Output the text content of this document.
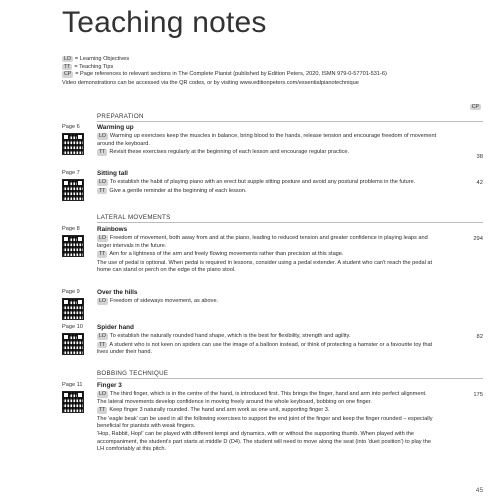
Teaching notes
LO = Learning Objectives
TT = Teaching Tips
CP = Page references to relevant sections in The Complete Pianist (published by Edition Peters, 2020, ISMN 979-0-57701-531-6)
Video demonstrations can be accessed via the QR codes, or by visiting www.editionpeters.com/essentialpianotechnique
CP
PREPARATION
Page 6	Warming up

LO Warming up exercises keep the muscles in balance, bring blood to the hands, release tension and encourage freedom of movement around the keyboard.

TT Revisit these exercises regularly at the beginning of each lesson and encourage regular practice.

38
Page 7	Sitting tall

LO To establish the habit of playing piano with an erect but supple sitting posture and avoid any postural problems in the future.

TT Give a gentle reminder at the beginning of each lesson.

42
LATERAL MOVEMENTS
Page 8	Rainbows

LO Freedom of movement, both away from and at the piano, leading to reduced tension and greater confidence in playing leaps and larger intervals in the future.

TT Aim for a lightness of the arm and freely flowing movements rather than precision at this stage.

The use of pedal is optional. When pedal is required in lessons, consider using a pedal extender. A student who can't reach the pedal at home can stand or perch on the edge of the piano stool.

294
Page 9	Over the hills

LO Freedom of sideways movement, as above.

Page 10 Spider hand

LO To establish the naturally rounded hand shape, which is the best for flexibility, strength and agility.

TT A student who is not keen on spiders can use the image of a balloon instead, or think of protecting a hamster or a favourite toy that lives under their hand.

82
BOBBING TECHNIQUE
Page 11 Finger 3

LO The third finger, which is in the centre of the hand, is introduced first. This brings the finger, hand and arm into perfect alignment. The lateral movements develop confidence in moving freely around the whole keyboard, bobbing on one finger.

TT Keep finger 3 naturally rounded. The hand and arm work as one unit, supporting finger 3.

The 'eagle beak' can be used in all the following exercises to support the end joint of the finger and keep the finger rounded – especially beneficial for pianists with weak fingers.

'Hop, Rabbit, Hop!' can be played with different tempi and dynamics, with or without the supporting thumb. When played with the accompaniment, the student's part starts at middle D (D4). The student will need to move along the seat (into 'duet position') to play the LH comfortably at this pitch.

175
45
